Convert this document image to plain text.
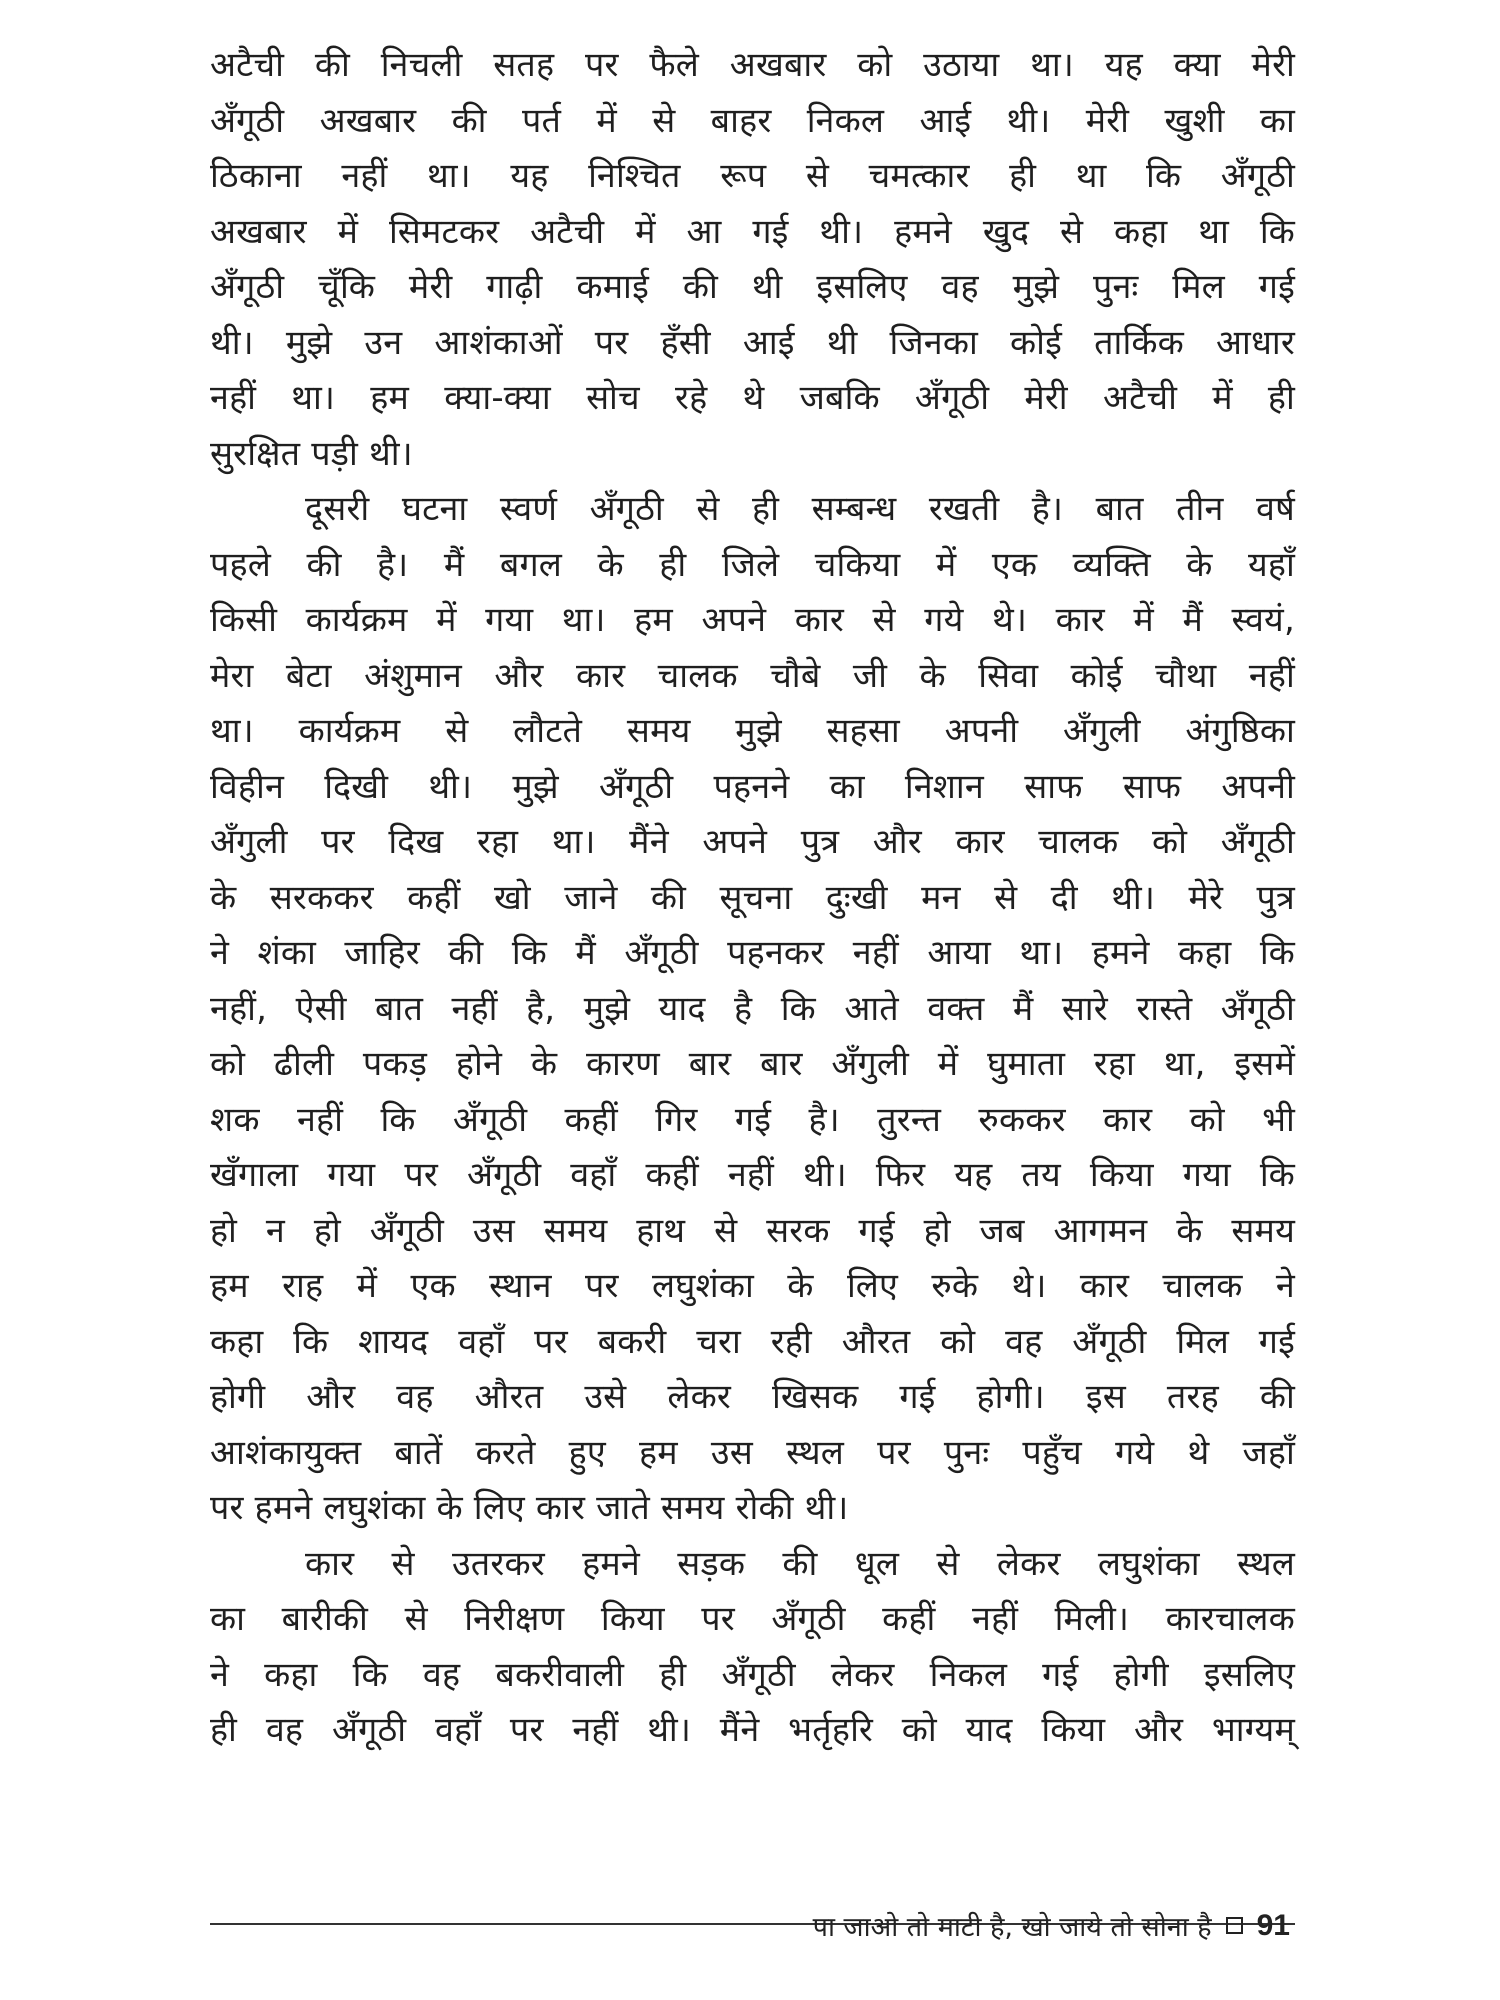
अटैची की निचली सतह पर फैले अखबार को उठाया था। यह क्या मेरी
अँगूठी अखबार की पर्त में से बाहर निकल आई थी। मेरी खुशी का
ठिकाना नहीं था। यह निश्चित रूप से चमत्कार ही था कि अँगूठी
अखबार में सिमटकर अटैची में आ गई थी। हमने खुद से कहा था कि
अँगूठी चूँकि मेरी गाढ़ी कमाई की थी इसलिए वह मुझे पुनः मिल गई
थी। मुझे उन आशंकाओं पर हँसी आई थी जिनका कोई तार्किक आधार
नहीं था। हम क्या-क्या सोच रहे थे जबकि अँगूठी मेरी अटैची में ही
सुरक्षित पड़ी थी।
दूसरी घटना स्वर्ण अँगूठी से ही सम्बन्ध रखती है। बात तीन वर्ष
पहले की है। मैं बगल के ही जिले चकिया में एक व्यक्ति के यहाँ
किसी कार्यक्रम में गया था। हम अपने कार से गये थे। कार में मैं स्वयं,
मेरा बेटा अंशुमान और कार चालक चौबे जी के सिवा कोई चौथा नहीं
था। कार्यक्रम से लौटते समय मुझे सहसा अपनी अँगुली अंगुष्ठिका
विहीन दिखी थी। मुझे अँगूठी पहनने का निशान साफ साफ अपनी
अँगुली पर दिख रहा था। मैंने अपने पुत्र और कार चालक को अँगूठी
के सरककर कहीं खो जाने की सूचना दुःखी मन से दी थी। मेरे पुत्र
ने शंका जाहिर की कि मैं अँगूठी पहनकर नहीं आया था। हमने कहा कि
नहीं, ऐसी बात नहीं है, मुझे याद है कि आते वक्त मैं सारे रास्ते अँगूठी
को ढीली पकड़ होने के कारण बार बार अँगुली में घुमाता रहा था, इसमें
शक नहीं कि अँगूठी कहीं गिर गई है। तुरन्त रुककर कार को भी
खँगाला गया पर अँगूठी वहाँ कहीं नहीं थी। फिर यह तय किया गया कि
हो न हो अँगूठी उस समय हाथ से सरक गई हो जब आगमन के समय
हम राह में एक स्थान पर लघुशंका के लिए रुके थे। कार चालक ने
कहा कि शायद वहाँ पर बकरी चरा रही औरत को वह अँगूठी मिल गई
होगी और वह औरत उसे लेकर खिसक गई होगी। इस तरह की
आशंकायुक्त बातें करते हुए हम उस स्थल पर पुनः पहुँच गये थे जहाँ
पर हमने लघुशंका के लिए कार जाते समय रोकी थी।
कार से उतरकर हमने सड़क की धूल से लेकर लघुशंका स्थल
का बारीकी से निरीक्षण किया पर अँगूठी कहीं नहीं मिली। कारचालक
ने कहा कि वह बकरीवाली ही अँगूठी लेकर निकल गई होगी इसलिए
ही वह अँगूठी वहाँ पर नहीं थी। मैंने भर्तृहरि को याद किया और भाग्यम्
पा जाओ तो माटी है, खो जाये तो सोना है 91
